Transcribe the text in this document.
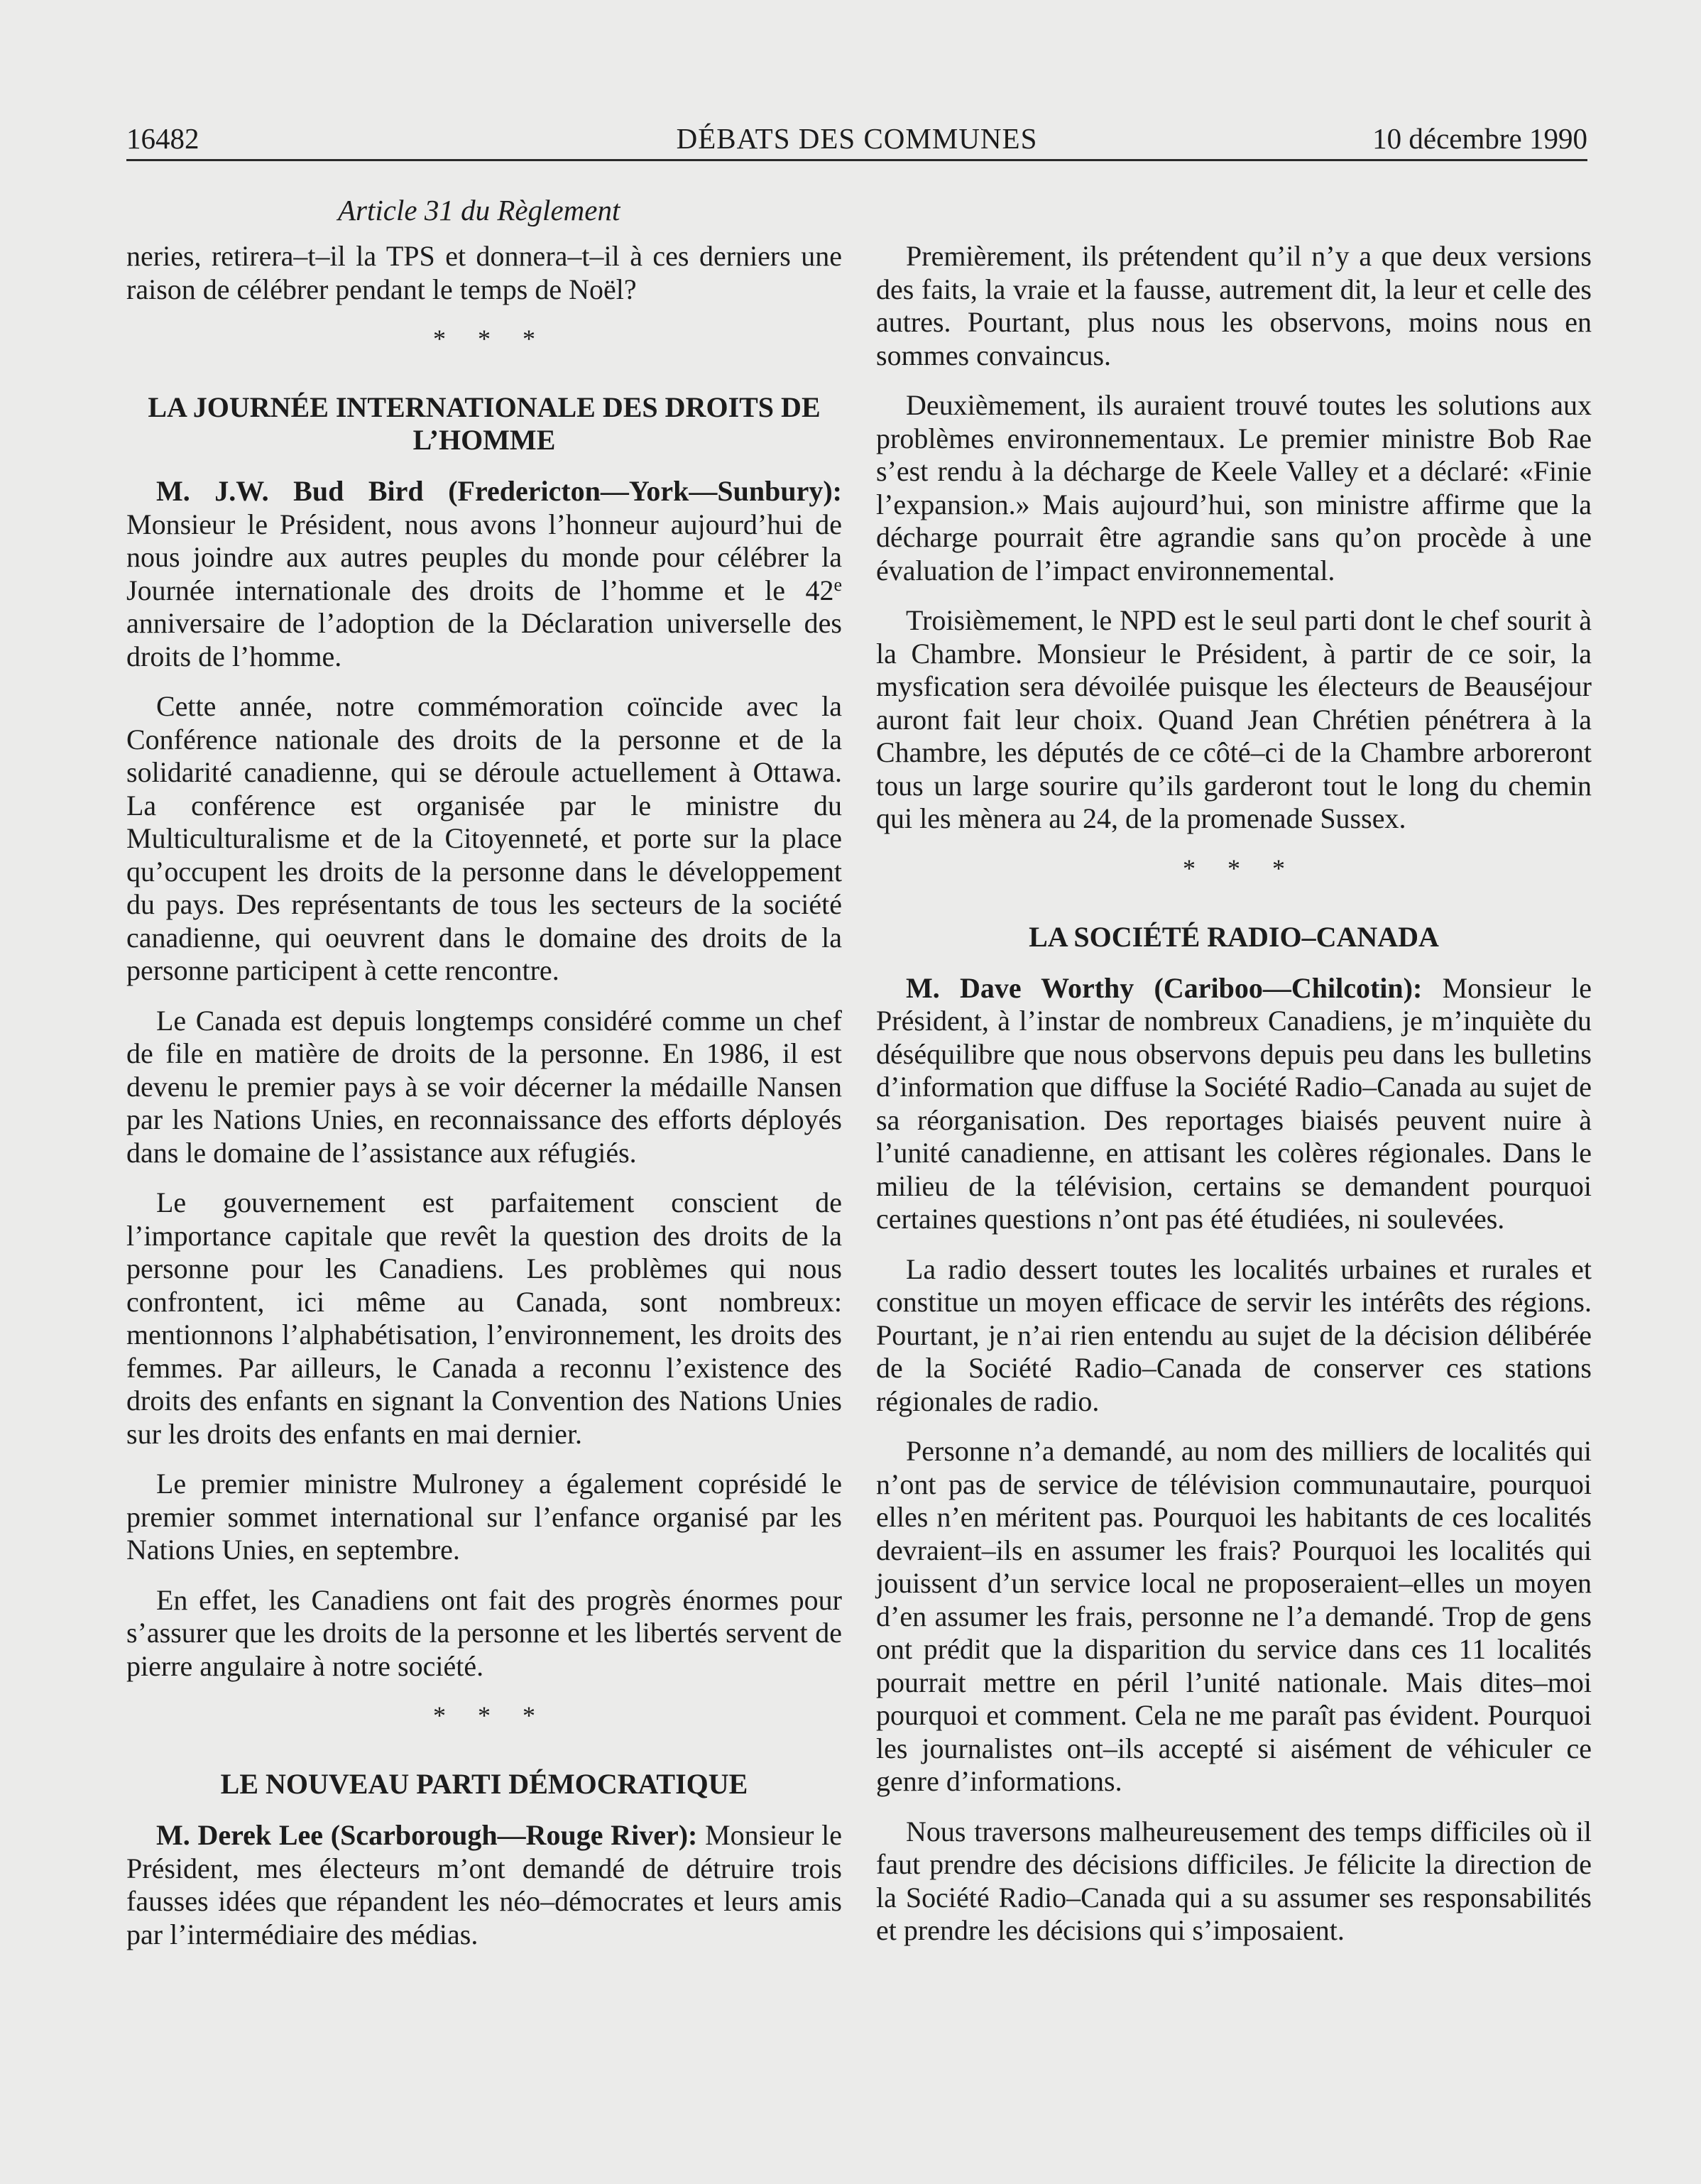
16482	DÉBATS DES COMMUNES	10 décembre 1990
Article 31 du Règlement

neries, retirera–t–il la TPS et donnera–t–il à ces derniers une raison de célébrer pendant le temps de Noël?

* * *
LA JOURNÉE INTERNATIONALE DES DROITS DE L’HOMME

M. J.W. Bud Bird (Fredericton—York—Sunbury): Monsieur le Président, nous avons l’honneur aujourd’hui de nous joindre aux autres peuples du monde pour célébrer la Journée internationale des droits de l’homme et le 42e anniversaire de l’adoption de la Déclaration universelle des droits de l’homme.

Cette année, notre commémoration coïncide avec la Conférence nationale des droits de la personne et de la solidarité canadienne, qui se déroule actuellement à Ottawa. La conférence est organisée par le ministre du Multiculturalisme et de la Citoyenneté, et porte sur la place qu’occupent les droits de la personne dans le développement du pays. Des représentants de tous les secteurs de la société canadienne, qui oeuvrent dans le domaine des droits de la personne participent à cette rencontre.

Le Canada est depuis longtemps considéré comme un chef de file en matière de droits de la personne. En 1986, il est devenu le premier pays à se voir décerner la médaille Nansen par les Nations Unies, en reconnaissance des efforts déployés dans le domaine de l’assistance aux réfugiés.

Le gouvernement est parfaitement conscient de l’importance capitale que revêt la question des droits de la personne pour les Canadiens. Les problèmes qui nous confrontent, ici même au Canada, sont nombreux: mentionnons l’alphabétisation, l’environnement, les droits des femmes. Par ailleurs, le Canada a reconnu l’existence des droits des enfants en signant la Convention des Nations Unies sur les droits des enfants en mai dernier.

Le premier ministre Mulroney a également coprésidé le premier sommet international sur l’enfance organisé par les Nations Unies, en septembre.

En effet, les Canadiens ont fait des progrès énormes pour s’assurer que les droits de la personne et les libertés servent de pierre angulaire à notre société.

* * *
LE NOUVEAU PARTI DÉMOCRATIQUE

M. Derek Lee (Scarborough—Rouge River): Monsieur le Président, mes électeurs m’ont demandé de détruire trois fausses idées que répandent les néo–démocrates et leurs amis par l’intermédiaire des médias.

Premièrement, ils prétendent qu’il n’y a que deux versions des faits, la vraie et la fausse, autrement dit, la leur et celle des autres. Pourtant, plus nous les observons, moins nous en sommes convaincus.

Deuxièmement, ils auraient trouvé toutes les solutions aux problèmes environnementaux. Le premier ministre Bob Rae s’est rendu à la décharge de Keele Valley et a déclaré: «Finie l’expansion.» Mais aujourd’hui, son ministre affirme que la décharge pourrait être agrandie sans qu’on procède à une évaluation de l’impact environnemental.

Troisièmement, le NPD est le seul parti dont le chef sourit à la Chambre. Monsieur le Président, à partir de ce soir, la mysfication sera dévoilée puisque les électeurs de Beauséjour auront fait leur choix. Quand Jean Chrétien pénétrera à la Chambre, les députés de ce côté–ci de la Chambre arboreront tous un large sourire qu’ils garderont tout le long du chemin qui les mènera au 24, de la promenade Sussex.

* * *
LA SOCIÉTÉ RADIO–CANADA

M. Dave Worthy (Cariboo—Chilcotin): Monsieur le Président, à l’instar de nombreux Canadiens, je m’inquiète du déséquilibre que nous observons depuis peu dans les bulletins d’information que diffuse la Société Radio–Canada au sujet de sa réorganisation. Des reportages biaisés peuvent nuire à l’unité canadienne, en attisant les colères régionales. Dans le milieu de la télévision, certains se demandent pourquoi certaines questions n’ont pas été étudiées, ni soulevées.

La radio dessert toutes les localités urbaines et rurales et constitue un moyen efficace de servir les intérêts des régions. Pourtant, je n’ai rien entendu au sujet de la décision délibérée de la Société Radio–Canada de conserver ces stations régionales de radio.

Personne n’a demandé, au nom des milliers de localités qui n’ont pas de service de télévision communautaire, pourquoi elles n’en méritent pas. Pourquoi les habitants de ces localités devraient–ils en assumer les frais? Pourquoi les localités qui jouissent d’un service local ne proposeraient–elles un moyen d’en assumer les frais, personne ne l’a demandé. Trop de gens ont prédit que la disparition du service dans ces 11 localités pourrait mettre en péril l’unité nationale. Mais dites–moi pourquoi et comment. Cela ne me paraît pas évident. Pourquoi les journalistes ont–ils accepté si aisément de véhiculer ce genre d’informations.

Nous traversons malheureusement des temps difficiles où il faut prendre des décisions difficiles. Je félicite la direction de la Société Radio–Canada qui a su assumer ses responsabilités et prendre les décisions qui s’imposaient.
